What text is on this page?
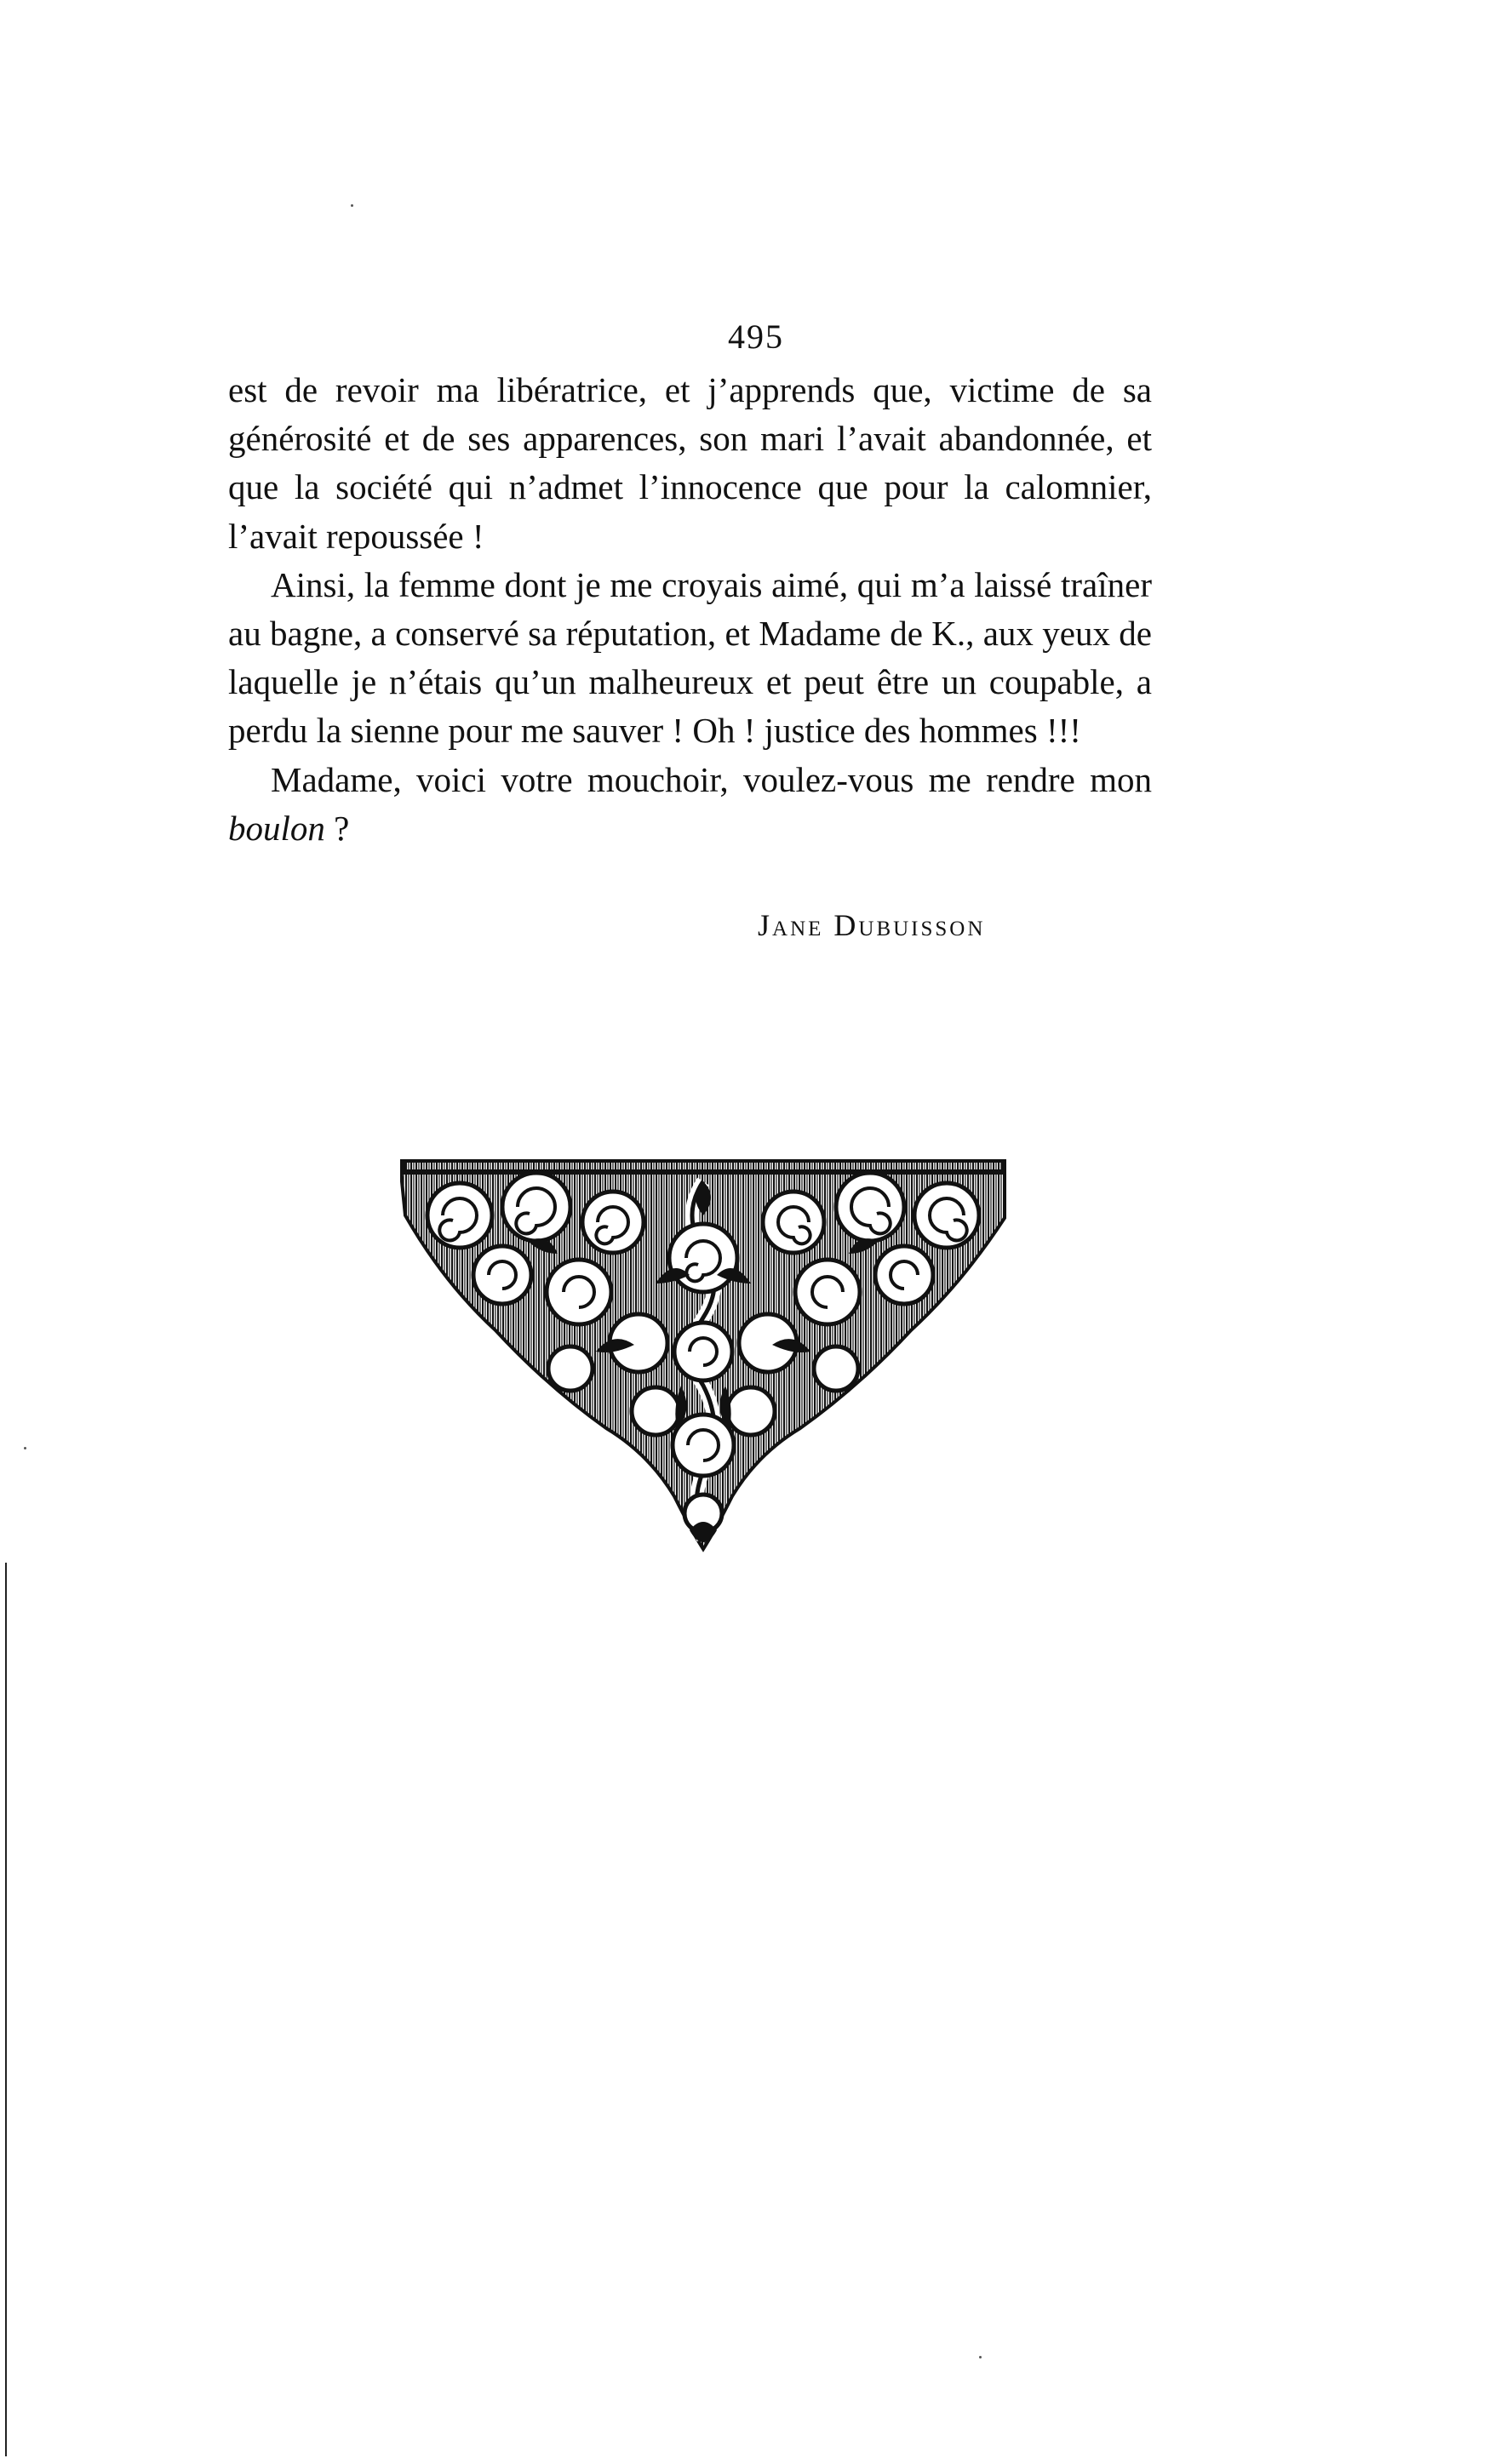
495

est de revoir ma libératrice, et j’apprends que, victime de sa générosité et de ses apparences, son mari l’avait abandonnée, et que la société qui n’admet l’innocence que pour la calomnier, l’avait repoussée !

Ainsi, la femme dont je me croyais aimé, qui m’a laissé traîner au bagne, a conservé sa réputation, et Madame de K., aux yeux de laquelle je n’étais qu’un malheureux et peut être un coupable, a perdu la sienne pour me sauver ! Oh ! justice des hommes !!!

Madame, voici votre mouchoir, voulez-vous me rendre mon boulon ?

Jane Dubuisson
